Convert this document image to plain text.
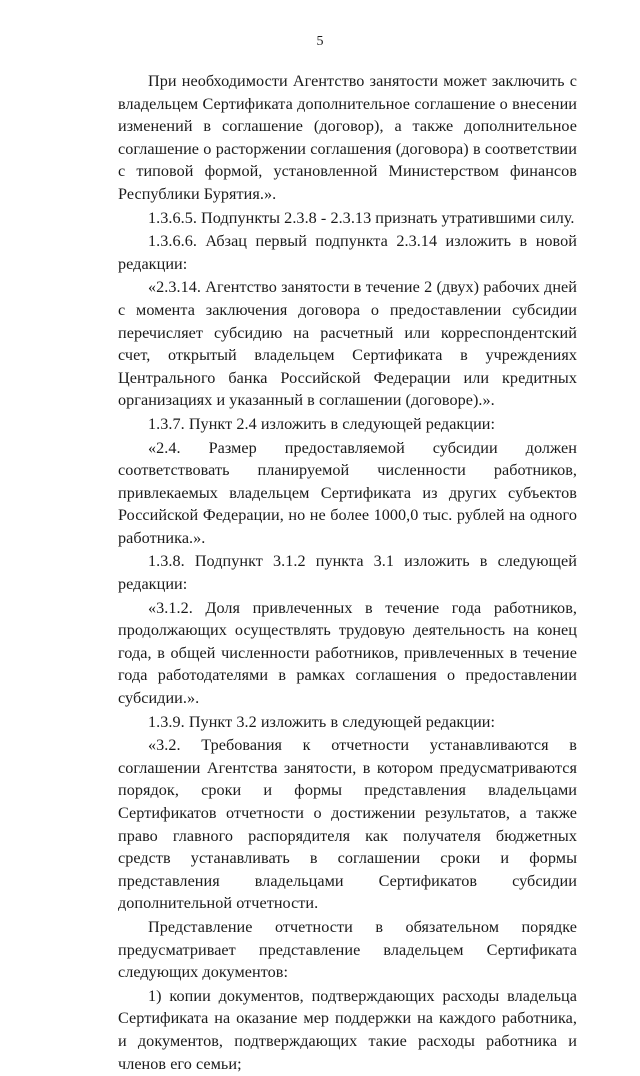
5

При необходимости Агентство занятости может заключить с владельцем Сертификата дополнительное соглашение о внесении изменений в соглашение (договор), а также дополнительное соглашение о расторжении соглашения (договора) в соответствии с типовой формой, установленной Министерством финансов Республики Бурятия.».

1.3.6.5. Подпункты 2.3.8 - 2.3.13 признать утратившими силу.

1.3.6.6. Абзац первый подпункта 2.3.14 изложить в новой редакции:

«2.3.14. Агентство занятости в течение 2 (двух) рабочих дней с момента заключения договора о предоставлении субсидии перечисляет субсидию на расчетный или корреспондентский счет, открытый владельцем Сертификата в учреждениях Центрального банка Российской Федерации или кредитных организациях и указанный в соглашении (договоре).».

1.3.7. Пункт 2.4 изложить в следующей редакции:

«2.4. Размер предоставляемой субсидии должен соответствовать планируемой численности работников, привлекаемых владельцем Сертификата из других субъектов Российской Федерации, но не более 1000,0 тыс. рублей на одного работника.».

1.3.8. Подпункт 3.1.2 пункта 3.1 изложить в следующей редакции:

«3.1.2. Доля привлеченных в течение года работников, продолжающих осуществлять трудовую деятельность на конец года, в общей численности работников, привлеченных в течение года работодателями в рамках соглашения о предоставлении субсидии.».

1.3.9. Пункт 3.2 изложить в следующей редакции:

«3.2. Требования к отчетности устанавливаются в соглашении Агентства занятости, в котором предусматриваются порядок, сроки и формы представления владельцами Сертификатов отчетности о достижении результатов, а также право главного распорядителя как получателя бюджетных средств устанавливать в соглашении сроки и формы представления владельцами Сертификатов субсидии дополнительной отчетности.

Представление отчетности в обязательном порядке предусматривает представление владельцем Сертификата следующих документов:

1) копии документов, подтверждающих расходы владельца Сертификата на оказание мер поддержки на каждого работника, и документов, подтверждающих такие расходы работника и членов его семьи;
